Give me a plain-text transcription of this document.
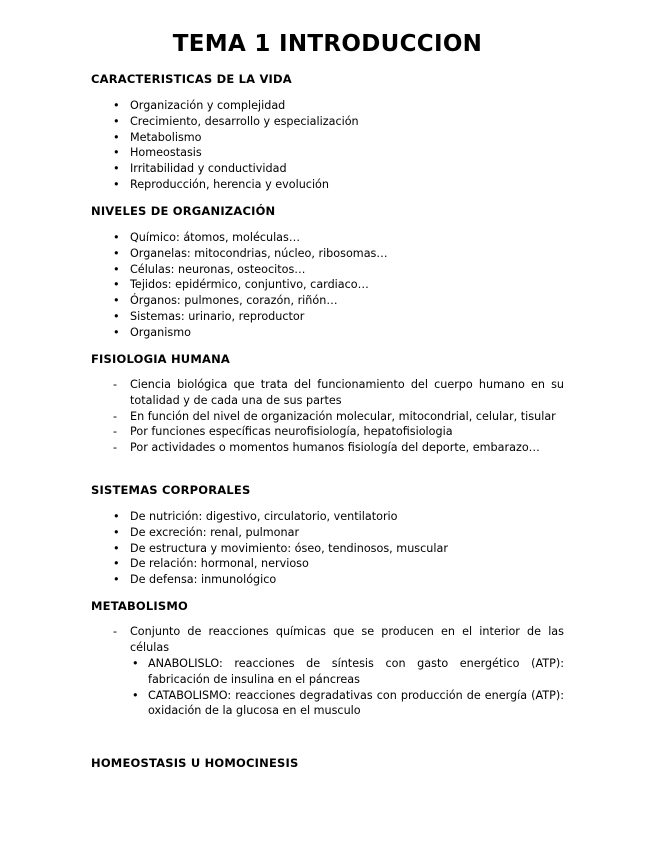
TEMA 1 INTRODUCCION
CARACTERISTICAS DE LA VIDA
• Organización y complejidad
• Crecimiento, desarrollo y especialización
• Metabolismo
• Homeostasis
• Irritabilidad y conductividad
• Reproducción, herencia y evolución
NIVELES DE ORGANIZACIÓN
• Químico: átomos, moléculas…
• Organelas: mitocondrias, núcleo, ribosomas…
• Células: neuronas, osteocitos…
• Tejidos: epidérmico, conjuntivo, cardiaco…
• Órganos: pulmones, corazón, riñón…
• Sistemas: urinario, reproductor
• Organismo
FISIOLOGIA HUMANA
- Ciencia biológica que trata del funcionamiento del cuerpo humano en su totalidad y de cada una de sus partes
- En función del nivel de organización molecular, mitocondrial, celular, tisular
- Por funciones específicas neurofisiología, hepatofisiologia
- Por actividades o momentos humanos fisiología del deporte, embarazo…
SISTEMAS CORPORALES
• De nutrición: digestivo, circulatorio, ventilatorio
• De excreción: renal, pulmonar
• De estructura y movimiento: óseo, tendinosos, muscular
• De relación: hormonal, nervioso
• De defensa: inmunológico
METABOLISMO
- Conjunto de reacciones químicas que se producen en el interior de las células
• ANABOLISLO: reacciones de síntesis con gasto energético (ATP): fabricación de insulina en el páncreas
• CATABOLISMO: reacciones degradativas con producción de energía (ATP): oxidación de la glucosa en el musculo
HOMEOSTASIS U HOMOCINESIS
